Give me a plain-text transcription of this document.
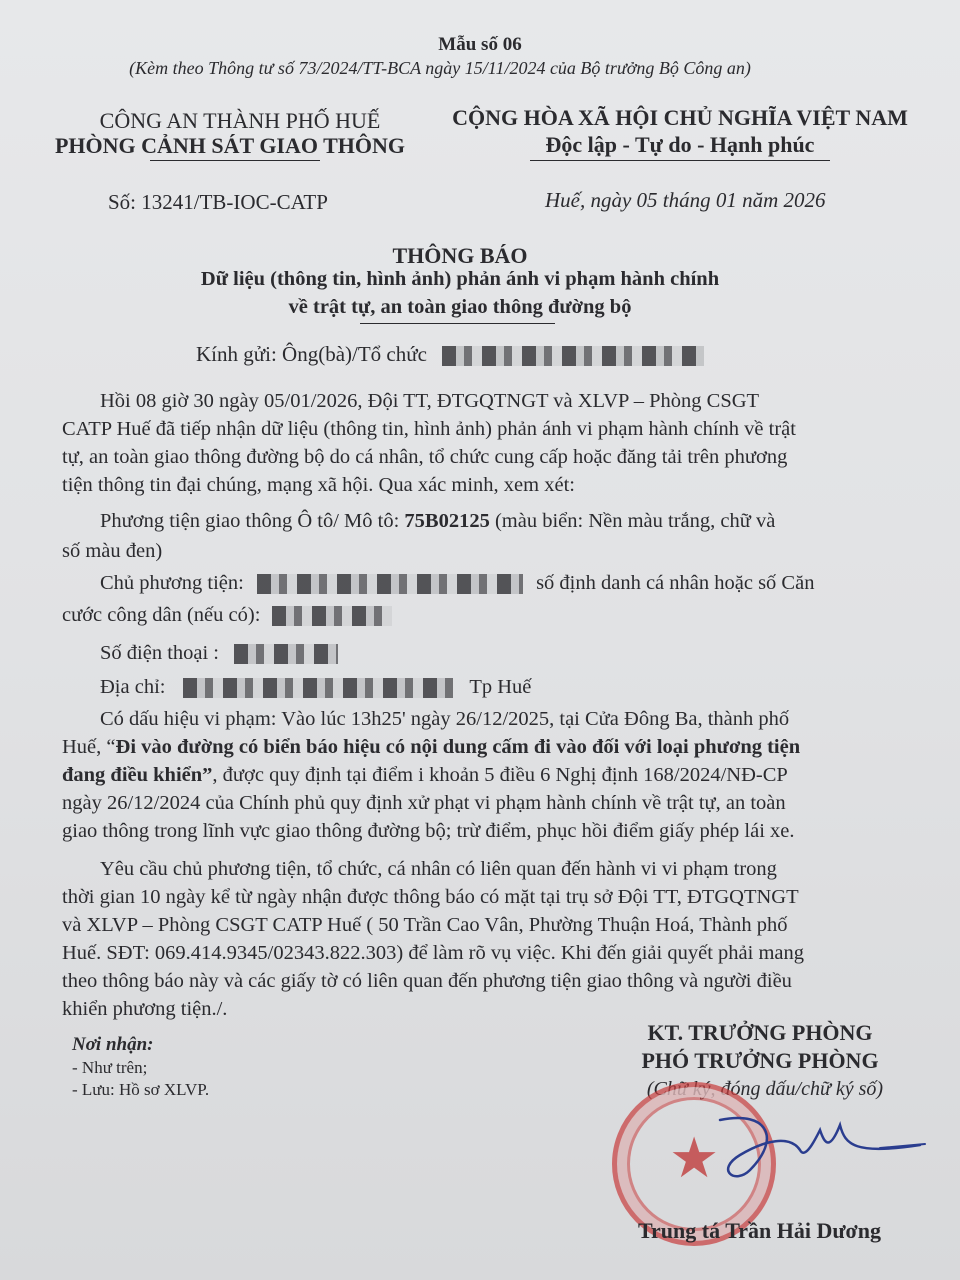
Mẫu số 06
(Kèm theo Thông tư số 73/2024/TT-BCA ngày 15/11/2024 của Bộ trưởng Bộ Công an)
CÔNG AN THÀNH PHỐ HUẾ
PHÒNG CẢNH SÁT GIAO THÔNG
Số: 13241/TB-IOC-CATP
CỘNG HÒA XÃ HỘI CHỦ NGHĨA VIỆT NAM
Độc lập - Tự do - Hạnh phúc
Huế, ngày 05 tháng 01 năm 2026
THÔNG BÁO
Dữ liệu (thông tin, hình ảnh) phản ánh vi phạm hành chính
về trật tự, an toàn giao thông đường bộ
Kính gửi: Ông(bà)/Tổ chức
Hồi 08 giờ 30 ngày 05/01/2026, Đội TT, ĐTGQTNGT và XLVP – Phòng CSGT
CATP Huế đã tiếp nhận dữ liệu (thông tin, hình ảnh) phản ánh vi phạm hành chính về trật
tự, an toàn giao thông đường bộ do cá nhân, tổ chức cung cấp hoặc đăng tải trên phương
tiện thông tin đại chúng, mạng xã hội. Qua xác minh, xem xét:
Phương tiện giao thông Ô tô/ Mô tô: 75B02125 (màu biển: Nền màu trắng, chữ và
số màu đen)
Chủ phương tiện:	số định danh cá nhân hoặc số Căn
cước công dân (nếu có):
Số điện thoại :
Địa chỉ:	Tp Huế
Có dấu hiệu vi phạm: Vào lúc 13h25' ngày 26/12/2025, tại Cửa Đông Ba, thành phố
Huế, “Đi vào đường có biển báo hiệu có nội dung cấm đi vào đối với loại phương tiện
đang điều khiển”, được quy định tại điểm i khoản 5 điều 6 Nghị định 168/2024/NĐ-CP
ngày 26/12/2024 của Chính phủ quy định xử phạt vi phạm hành chính về trật tự, an toàn
giao thông trong lĩnh vực giao thông đường bộ; trừ điểm, phục hồi điểm giấy phép lái xe.
Yêu cầu chủ phương tiện, tổ chức, cá nhân có liên quan đến hành vi vi phạm trong
thời gian 10 ngày kể từ ngày nhận được thông báo có mặt tại trụ sở Đội TT, ĐTGQTNGT
và XLVP – Phòng CSGT CATP Huế ( 50 Trần Cao Vân, Phường Thuận Hoá, Thành phố
Huế. SĐT: 069.414.9345/02343.822.303) để làm rõ vụ việc. Khi đến giải quyết phải mang
theo thông báo này và các giấy tờ có liên quan đến phương tiện giao thông và người điều
khiển phương tiện./.
Nơi nhận:
- Như trên;
- Lưu: Hồ sơ XLVP.
KT. TRƯỞNG PHÒNG
PHÓ TRƯỞNG PHÒNG
(Chữ ký, đóng dấu/chữ ký số)
★
Trung tá Trần Hải Dương
